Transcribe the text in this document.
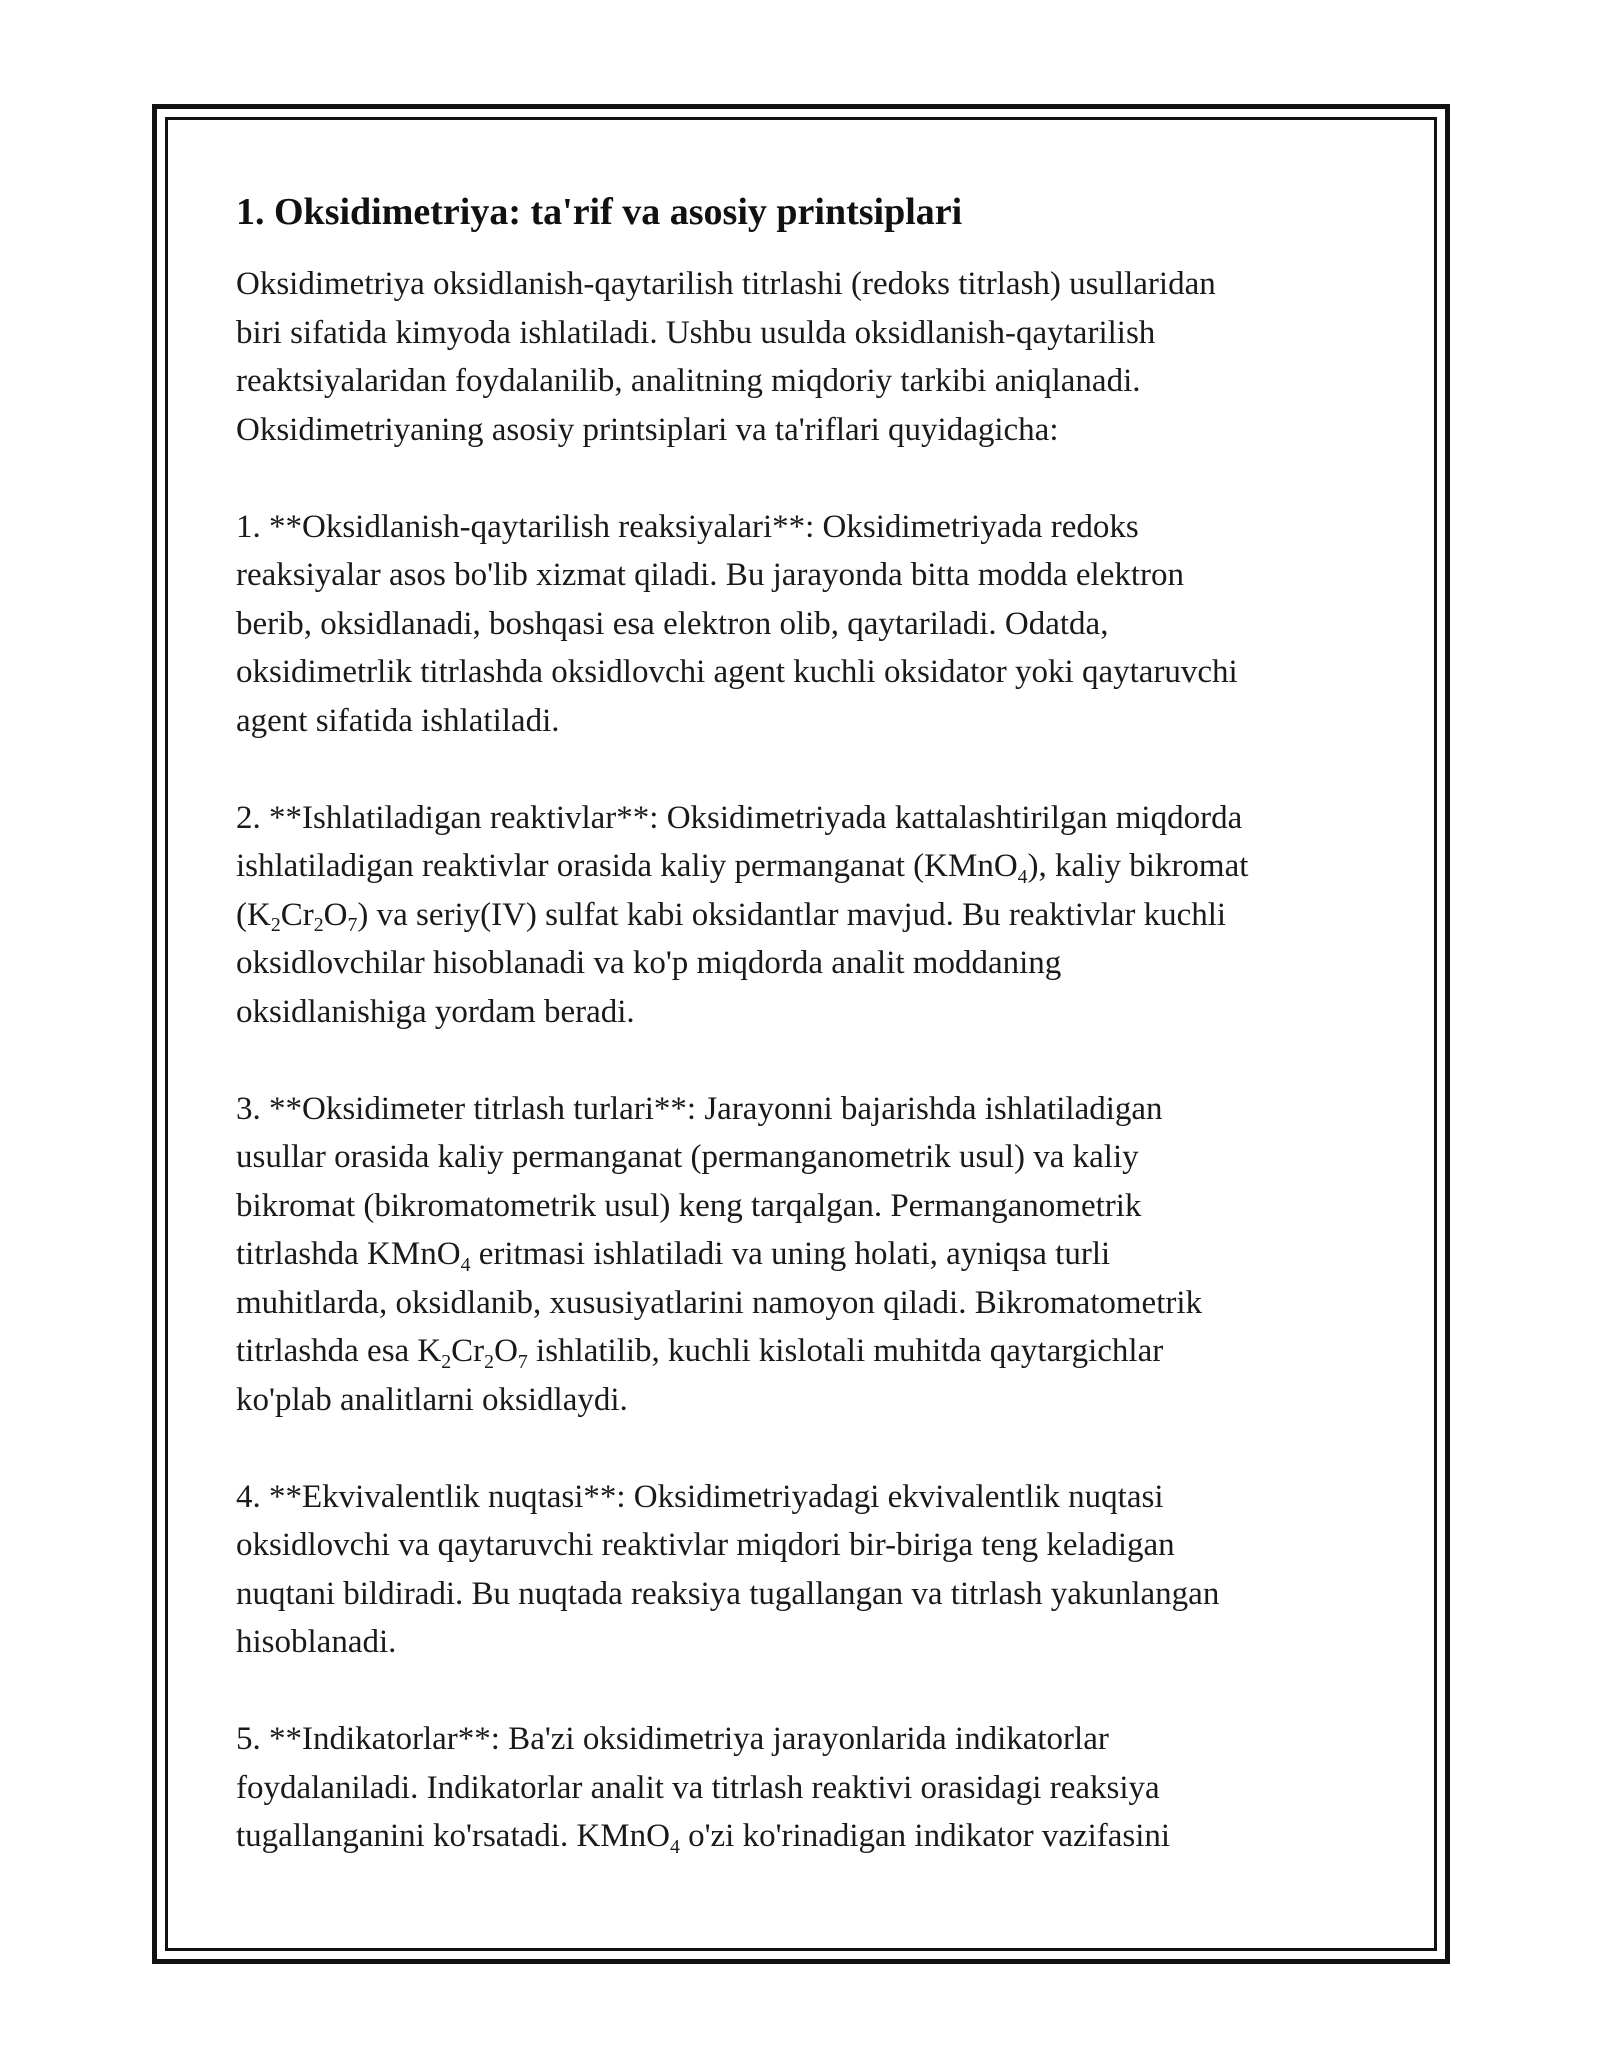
1. Oksidimetriya: ta'rif va asosiy printsiplari

Oksidimetriya oksidlanish-qaytarilish titrlashi (redoks titrlash) usullaridan
biri sifatida kimyoda ishlatiladi. Ushbu usulda oksidlanish-qaytarilish
reaktsiyalaridan foydalanilib, analitning miqdoriy tarkibi aniqlanadi.
Oksidimetriyaning asosiy printsiplari va ta'riflari quyidagicha:

1. **Oksidlanish-qaytarilish reaksiyalari**: Oksidimetriyada redoks
reaksiyalar asos bo'lib xizmat qiladi. Bu jarayonda bitta modda elektron
berib, oksidlanadi, boshqasi esa elektron olib, qaytariladi. Odatda,
oksidimetrlik titrlashda oksidlovchi agent kuchli oksidator yoki qaytaruvchi
agent sifatida ishlatiladi.

2. **Ishlatiladigan reaktivlar**: Oksidimetriyada kattalashtirilgan miqdorda
ishlatiladigan reaktivlar orasida kaliy permanganat (KMnO$_4$), kaliy bikromat
$(K_2Cr_2O_7)$ va seriy(IV) sulfat kabi oksidantlar mavjud. Bu reaktivlar kuchli
oksidlovchilar hisoblanadi va ko'p miqdorda analit moddaning
oksidlanishiga yordam beradi.

3. **Oksidimeter titrlash turlari**: Jarayonni bajarishda ishlatiladigan
usullar orasida kaliy permanganat (permanganometrik usul) va kaliy
bikromat (bikromatometrik usul) keng tarqalgan. Permanganometrik
titrlashda KMnO$_4$ eritmasi ishlatiladi va uning holati, ayniqsa turli
muhitlarda, oksidlanib, xususiyatlarini namoyon qiladi. Bikromatometrik
titrlashda esa $K_2Cr_2O_7$ ishlatilib, kuchli kislotali muhitda qaytargichlar
ko'plab analitlarni oksidlaydi.

4. **Ekvivalentlik nuqtasi**: Oksidimetriyadagi ekvivalentlik nuqtasi
oksidlovchi va qaytaruvchi reaktivlar miqdori bir-biriga teng keladigan
nuqtani bildiradi. Bu nuqtada reaksiya tugallangan va titrlash yakunlangan
hisoblanadi.

5. **Indikatorlar**: Ba'zi oksidimetriya jarayonlarida indikatorlar
foydalaniladi. Indikatorlar analit va titrlash reaktivi orasidagi reaksiya
tugallanganini ko'rsatadi. KMnO$_4$ o'zi ko'rinadigan indikator vazifasini
